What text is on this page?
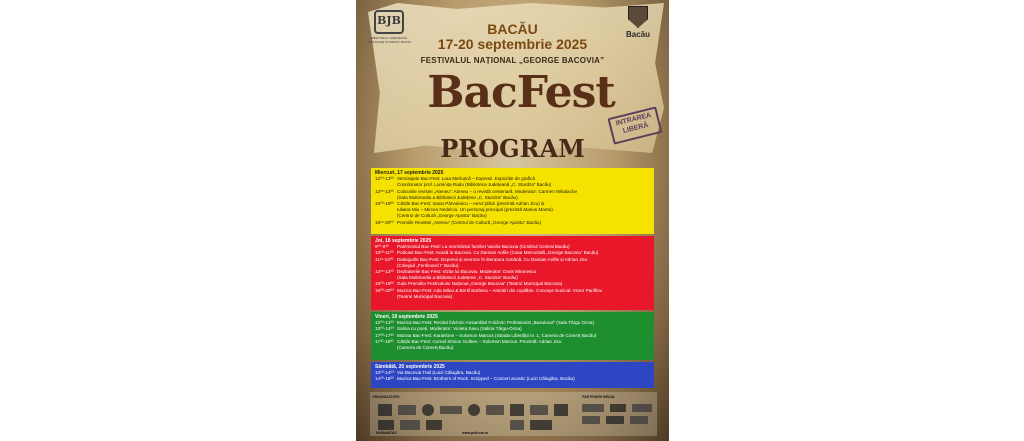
BJB
BIBLIOTECA JUDEȚEANĂ „COSTACHE STURDZA” BACĂU
Bacău
BACĂU
17-20 septembrie 2025
FESTIVALUL NAȚIONAL „GEORGE BACOVIA”
BacFest
INTRAREA LIBERĂ
PROGRAM
Miercuri, 17 septembrie 2025
12⁰⁰-13⁰⁰ Vernisajele Bac-Fest: Lara Merlușcă – Expresii. Expoziție de grafică
Coordonator prof. Luminița Radu (Biblioteca Județeană „C. Sturdza” Bacău)
12¹⁵-13⁰⁰ Colocviile revistei „Ateneu”: Ateneu – o revistă centenară. Moderator: Carmen Mihalache
(Sala Multimedia a Bibliotecii Județene „C. Sturdza” Bacău)
18⁰⁰-19⁰⁰ Cărțile Bac-Fest: Ioana Pârvulescu – Aerul plăcii (prezintă Adrian Jicu) și
Iuliana Miu – Mircea Nedelciu. Un personaj principal (prezintă Marius Manta)
(Centrul de Cultură „George Apostu” Bacău)
19¹⁵-20⁰⁰ Premiile Revistei „Ateneu” (Centrul de Cultură „George Apostu” Bacău)
Joi, 18 septembrie 2025
9⁰⁰-9³⁰	Patrimoniul Bac-Fest: La mormântul familiei Vasiliu-Bacovia (Cimitirul Central Bacău)
10⁰⁰-11⁰⁰ Podcast Bac-Fest: Acasă la Bacovia. Cu Damian Anfile (Casa Memorială „George Bacovia” Bacău)
11¹⁵-13⁰⁰ Dialogurile Bac-Fest: Depresii și nevroze în literatura română. Cu Damian Anfile și Adrian Jicu
(Colegiul „Ferdinand I” Bacău)
12¹⁵-13⁰⁰ Dezbaterile Bac-Fest: Vizita lui Bacovia. Moderator: Doris Mironescu
(Sala Multimedia a Bibliotecii Județene „C. Sturdza” Bacău)
18⁰⁰-19⁰⁰ Gala Premiilor Festivalului Național „George Bacovia” (Teatrul Municipal Bacovia)
19⁰⁰-20⁰⁰ Muzica Bac-Fest: Ada Milea & Bertil Barbera – Amintiri din copilărie. Concept muzical: Victor Panfilov
(Teatrul Municipal Bacovia)
Vineri, 19 septembrie 2025
12⁰⁰-13⁰⁰ Muzica Bac-Fest: Recital folcloric Ansamblul Folcloric Profesionist „Busuiocul” (Sala Târgu Ocna)
13⁰⁰-14⁰⁰ Salina cu poeți. Moderator: Violeta Savu (Salina Târgu-Ocna)
17⁰⁰-17³⁰ Marota Bac-Fest: Karaklone – Solomon Marcus (Strada Libertății nr. 1, Camera de Comerț Bacău)
17³⁰-18³⁰ Cărțile Bac-Fest: Cornel Simion Golben – Solomon Marcus. Prezintă: Adrian Jicu
(Camera de Comerț Bacău)
Sâmbătă, 20 septembrie 2025
10⁰⁰-14⁰⁰ Via Bacovia Trail (Luizi Călugăra, Bacău)
14⁰⁰-15⁰⁰ Muzica Bac-Fest: Brothers of Rock. Scripped – Concert acustic (Luizi Călugăra, Bacău)
ORGANIZATORI:	PARTENERI MEDIA:
HUMANITAS	www.polirom.ro
